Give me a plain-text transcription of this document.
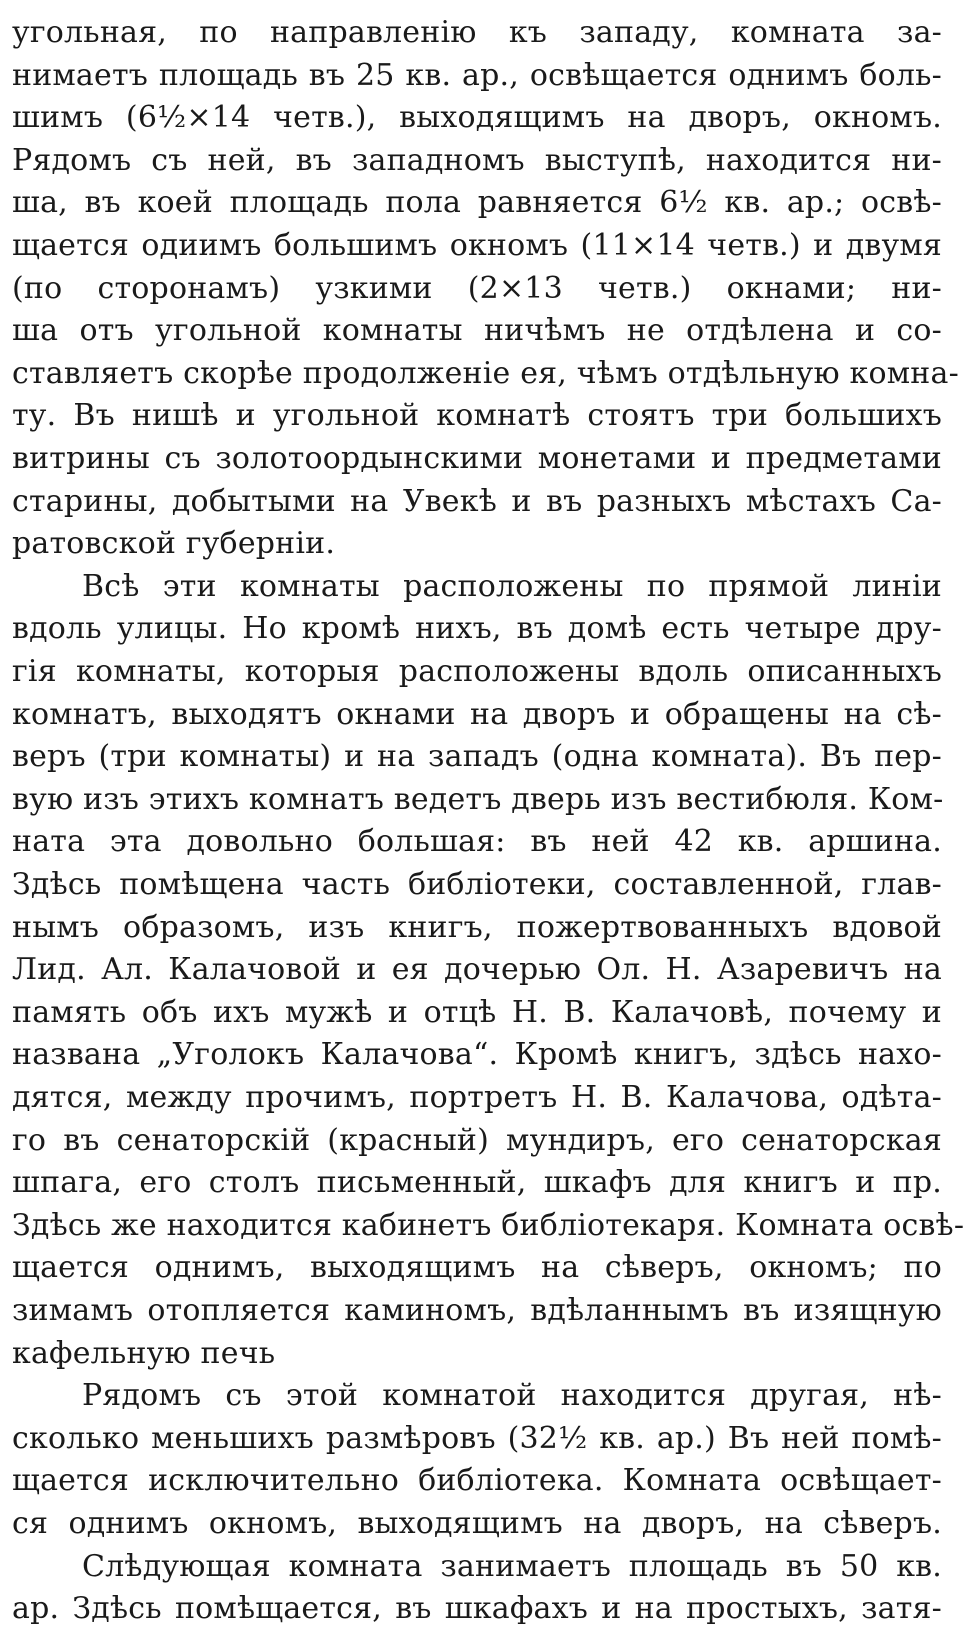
угольная, по направленію къ западу, комната за-
нимаетъ площадь въ 25 кв. ар., освѣщается однимъ боль-
шимъ (6½×14 четв.), выходящимъ на дворъ, окномъ.
Рядомъ съ ней, въ западномъ выступѣ, находится ни-
ша, въ коей площадь пола равняется 6½ кв. ар.; освѣ-
щается одиимъ большимъ окномъ (11×14 четв.) и двумя
(по сторонамъ) узкими (2×13 четв.) окнами; ни-
ша отъ угольной комнаты ничѣмъ не отдѣлена и со-
ставляетъ скорѣе продолженіе ея, чѣмъ отдѣльную комна-
ту. Въ нишѣ и угольной комнатѣ стоятъ три большихъ
витрины съ золотоордынскими монетами и предметами
старины, добытыми на Увекѣ и въ разныхъ мѣстахъ Са-
ратовской губерніи.
Всѣ эти комнаты расположены по прямой линіи
вдоль улицы. Но кромѣ нихъ, въ домѣ есть четыре дру-
гія комнаты, которыя расположены вдоль описанныхъ
комнатъ, выходятъ окнами на дворъ и обращены на сѣ-
веръ (три комнаты) и на западъ (одна комната). Въ пер-
вую изъ этихъ комнатъ ведетъ дверь изъ вестибюля. Ком-
ната эта довольно большая: въ ней 42 кв. аршина.
Здѣсь помѣщена часть библіотеки, составленной, глав-
нымъ образомъ, изъ книгъ, пожертвованныхъ вдовой
Лид. Ал. Калачовой и ея дочерью Ол. Н. Азаревичъ на
память объ ихъ мужѣ и отцѣ Н. В. Калачовѣ, почему и
названа „Уголокъ Калачова“. Кромѣ книгъ, здѣсь нахо-
дятся, между прочимъ, портретъ Н. В. Калачова, одѣта-
го въ сенаторскій (красный) мундиръ, его сенаторская
шпага, его столъ письменный, шкафъ для книгъ и пр.
Здѣсь же находится кабинетъ библіотекаря. Комната освѣ-
щается однимъ, выходящимъ на сѣверъ, окномъ; по
зимамъ отопляется каминомъ, вдѣланнымъ въ изящную
кафельную печь
Рядомъ съ этой комнатой находится другая, нѣ-
сколько меньшихъ размѣровъ (32½ кв. ар.) Въ ней помѣ-
щается исключительно библіотека. Комната освѣщает-
ся однимъ окномъ, выходящимъ на дворъ, на сѣверъ.
Слѣдующая комната занимаетъ площадь въ 50 кв.
ар. Здѣсь помѣщается, въ шкафахъ и на простыхъ, затя-
